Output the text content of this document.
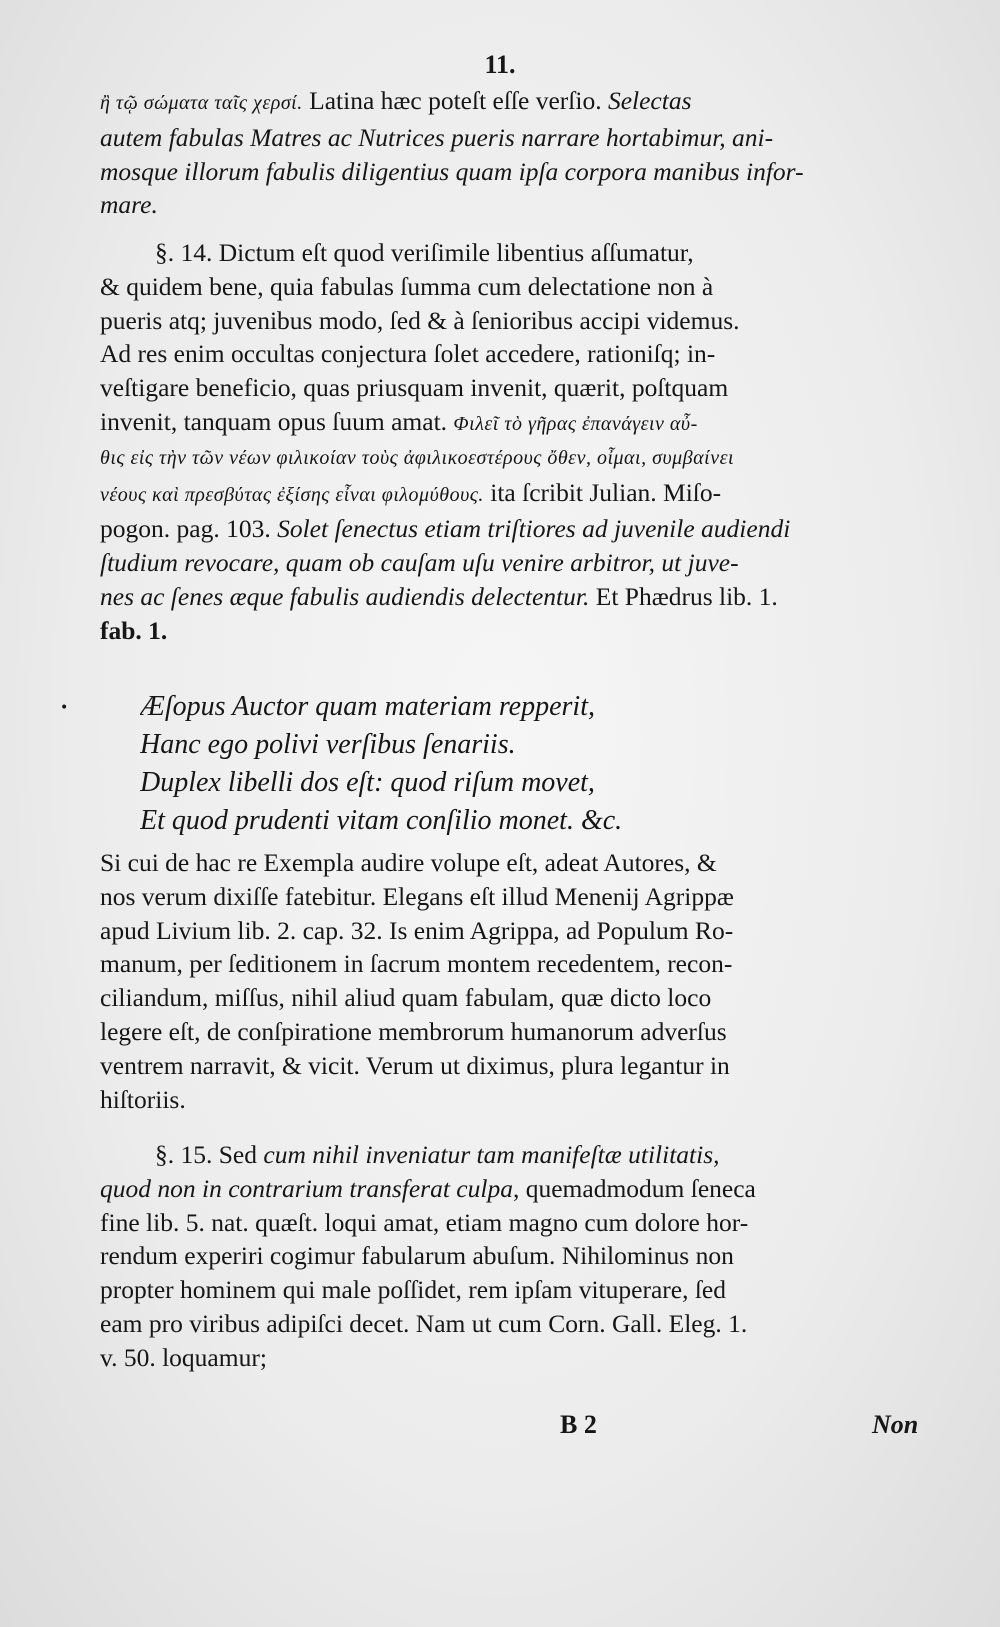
11.
ἢ τῷ σώματα ταῖς χερσί. Latina hæc poteſt eſſe verſio. Selectas
autem fabulas Matres ac Nutrices pueris narrare hortabimur, ani-
mosque illorum fabulis diligentius quam ipſa corpora manibus infor-
mare.
§. 14. Dictum eſt quod veriſimile libentius aſſumatur,
& quidem bene, quia fabulas ſumma cum delectatione non à
pueris atq; juvenibus modo, ſed & à ſenioribus accipi videmus.
Ad res enim occultas conjectura ſolet accedere, rationiſq; in-
veſtigare beneficio, quas priusquam invenit, quærit, poſtquam
invenit, tanquam opus ſuum amat. Φιλεῖ τὸ γῆρας ἐπανάγειν αὖ-
θις εἰς τὴν τῶν νέων φιλικοίαν τοὺς ἀφιλικοεστέρους ὄθεν, οἶμαι, συμβαίνει
νέους καὶ πρεσβύτας ἐξίσης εἶναι φιλομύθους. ita ſcribit Julian. Miſo-
pogon. pag. 103. Solet ſenectus etiam triſtiores ad juvenile audiendi
ſtudium revocare, quam ob cauſam uſu venire arbitror, ut juve-
nes ac ſenes æque fabulis audiendis delectentur. Et Phædrus lib. 1.
fab. 1.
•	Æſopus Auctor quam materiam repperit,
Hanc ego polivi verſibus ſenariis.
Duplex libelli dos eſt: quod riſum movet,
Et quod prudenti vitam conſilio monet. &c.
Si cui de hac re Exempla audire volupe eſt, adeat Autores, &
nos verum dixiſſe fatebitur. Elegans eſt illud Menenij Agrippæ
apud Livium lib. 2. cap. 32. Is enim Agrippa, ad Populum Ro-
manum, per ſeditionem in ſacrum montem recedentem, recon-
ciliandum, miſſus, nihil aliud quam fabulam, quæ dicto loco
legere eſt, de conſpiratione membrorum humanorum adverſus
ventrem narravit, & vicit. Verum ut diximus, plura legantur in
hiſtoriis.
§. 15. Sed cum nihil inveniatur tam manifeſtæ utilitatis,
quod non in contrarium transferat culpa, quemadmodum ſeneca
fine lib. 5. nat. quæſt. loqui amat, etiam magno cum dolore hor-
rendum experiri cogimur fabularum abuſum. Nihilominus non
propter hominem qui male poſſidet, rem ipſam vituperare, ſed
eam pro viribus adipiſci decet. Nam ut cum Corn. Gall. Eleg. 1.
v. 50. loquamur;
B 2	Non
